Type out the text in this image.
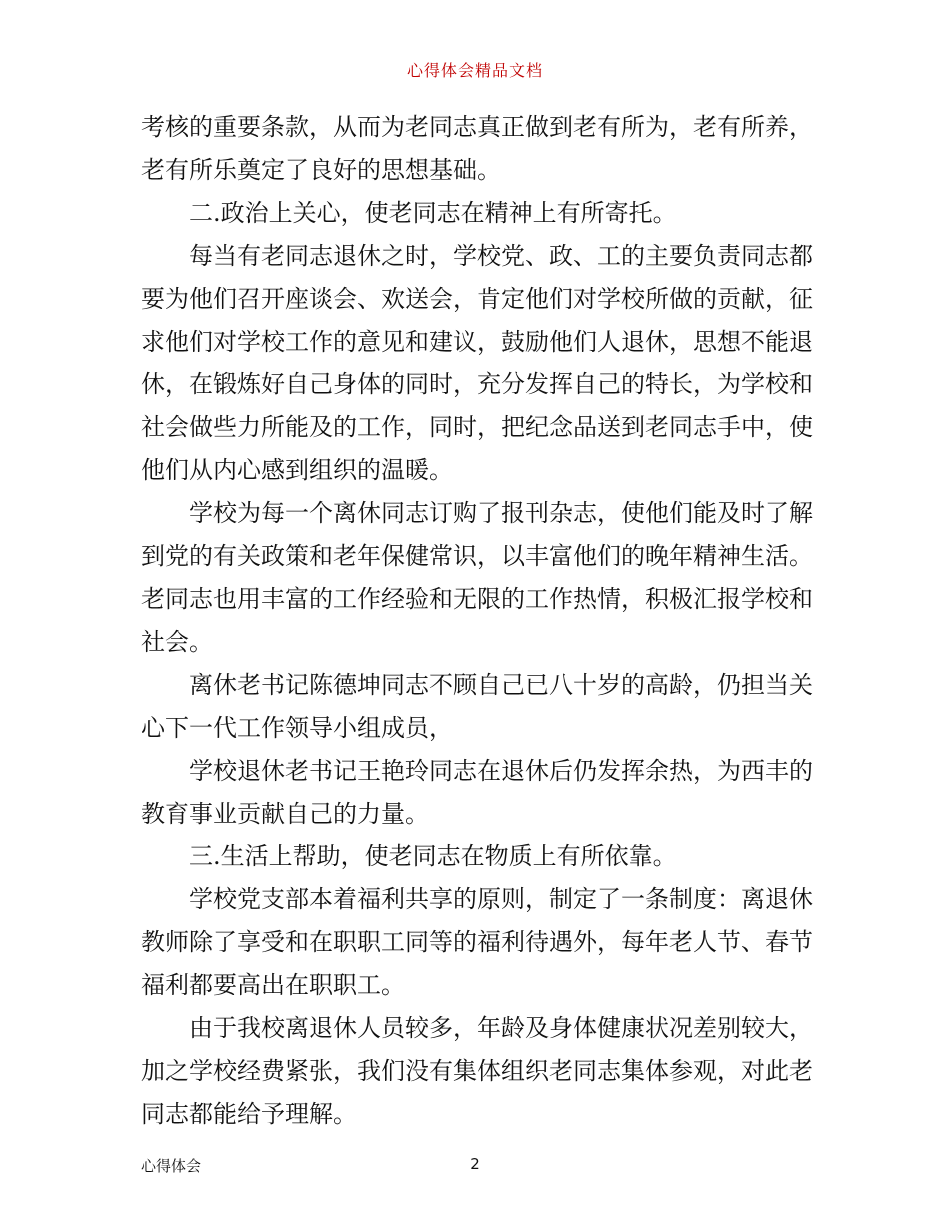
心得体会精品文档

考核的重要条款，从而为老同志真正做到老有所为，老有所养，老有所乐奠定了良好的思想基础。

二.政治上关心，使老同志在精神上有所寄托。

每当有老同志退休之时，学校党、政、工的主要负责同志都要为他们召开座谈会、欢送会，肯定他们对学校所做的贡献，征求他们对学校工作的意见和建议，鼓励他们人退休，思想不能退休，在锻炼好自己身体的同时，充分发挥自己的特长，为学校和社会做些力所能及的工作，同时，把纪念品送到老同志手中，使他们从内心感到组织的温暖。

学校为每一个离休同志订购了报刊杂志，使他们能及时了解到党的有关政策和老年保健常识，以丰富他们的晚年精神生活。老同志也用丰富的工作经验和无限的工作热情，积极汇报学校和社会。

离休老书记陈德坤同志不顾自己已八十岁的高龄，仍担当关心下一代工作领导小组成员，

学校退休老书记王艳玲同志在退休后仍发挥余热，为西丰的教育事业贡献自己的力量。

三.生活上帮助，使老同志在物质上有所依靠。

学校党支部本着福利共享的原则，制定了一条制度：离退休教师除了享受和在职职工同等的福利待遇外，每年老人节、春节福利都要高出在职职工。

由于我校离退休人员较多，年龄及身体健康状况差别较大，加之学校经费紧张，我们没有集体组织老同志集体参观，对此老同志都能给予理解。

心得体会	2
